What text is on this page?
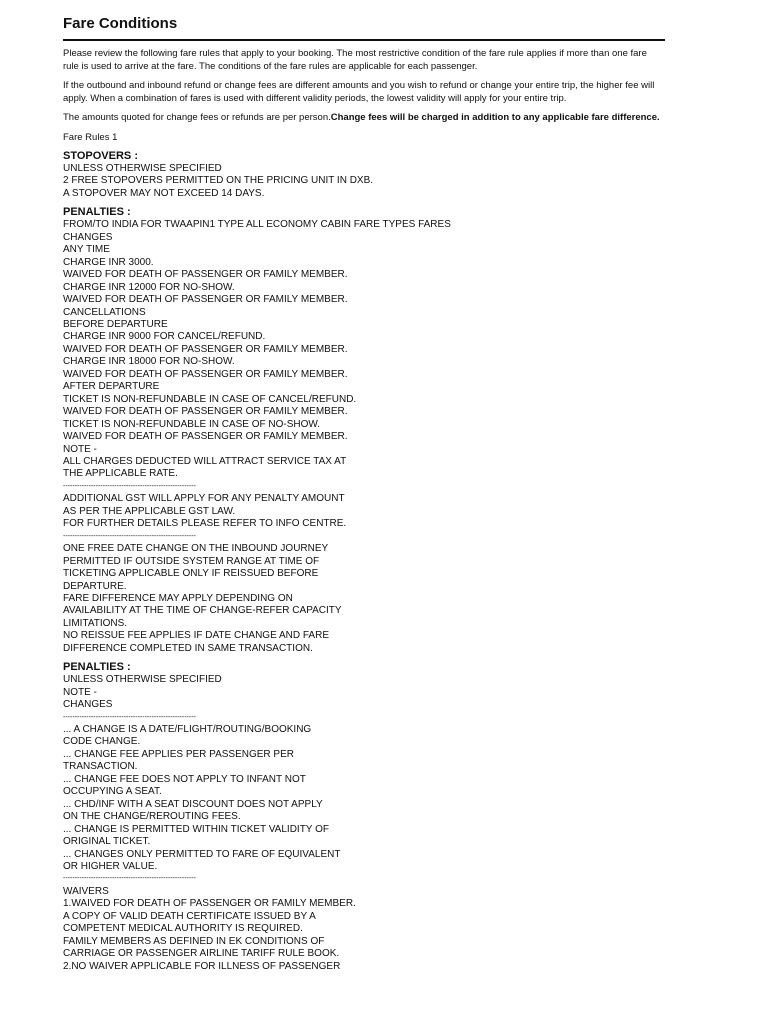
Fare Conditions

Please review the following fare rules that apply to your booking. The most restrictive condition of the fare rule applies if more than one fare rule is used to arrive at the fare. The conditions of the fare rules are applicable for each passenger.

If the outbound and inbound refund or change fees are different amounts and you wish to refund or change your entire trip, the higher fee will apply. When a combination of fares is used with different validity periods, the lowest validity will apply for your entire trip.

The amounts quoted for change fees or refunds are per person.Change fees will be charged in addition to any applicable fare difference.

Fare Rules 1

STOPOVERS :
UNLESS OTHERWISE SPECIFIED
2 FREE STOPOVERS PERMITTED ON THE PRICING UNIT IN DXB.
A STOPOVER MAY NOT EXCEED 14 DAYS.
PENALTIES :
FROM/TO INDIA FOR TWAAPIN1 TYPE ALL ECONOMY CABIN FARE TYPES FARES
CHANGES
ANY TIME
CHARGE INR 3000.
WAIVED FOR DEATH OF PASSENGER OR FAMILY MEMBER.
CHARGE INR 12000 FOR NO-SHOW.
WAIVED FOR DEATH OF PASSENGER OR FAMILY MEMBER.
CANCELLATIONS
BEFORE DEPARTURE
CHARGE INR 9000 FOR CANCEL/REFUND.
WAIVED FOR DEATH OF PASSENGER OR FAMILY MEMBER.
CHARGE INR 18000 FOR NO-SHOW.
WAIVED FOR DEATH OF PASSENGER OR FAMILY MEMBER.
AFTER DEPARTURE
TICKET IS NON-REFUNDABLE IN CASE OF CANCEL/REFUND.
WAIVED FOR DEATH OF PASSENGER OR FAMILY MEMBER.
TICKET IS NON-REFUNDABLE IN CASE OF NO-SHOW.
WAIVED FOR DEATH OF PASSENGER OR FAMILY MEMBER.
NOTE -
ALL CHARGES DEDUCTED WILL ATTRACT SERVICE TAX AT
THE APPLICABLE RATE.
---------------------------------------------------------
ADDITIONAL GST WILL APPLY FOR ANY PENALTY AMOUNT
AS PER THE APPLICABLE GST LAW.
FOR FURTHER DETAILS PLEASE REFER TO INFO CENTRE.
---------------------------------------------------------
ONE FREE DATE CHANGE ON THE INBOUND JOURNEY
PERMITTED IF OUTSIDE SYSTEM RANGE AT TIME OF
TICKETING APPLICABLE ONLY IF REISSUED BEFORE
DEPARTURE.
FARE DIFFERENCE MAY APPLY DEPENDING ON
AVAILABILITY AT THE TIME OF CHANGE-REFER CAPACITY
LIMITATIONS.
NO REISSUE FEE APPLIES IF DATE CHANGE AND FARE
DIFFERENCE COMPLETED IN SAME TRANSACTION.
PENALTIES :
UNLESS OTHERWISE SPECIFIED
NOTE -
CHANGES
---------------------------------------------------------
... A CHANGE IS A DATE/FLIGHT/ROUTING/BOOKING
CODE CHANGE.
... CHANGE FEE APPLIES PER PASSENGER PER
TRANSACTION.
... CHANGE FEE DOES NOT APPLY TO INFANT NOT
OCCUPYING A SEAT.
... CHD/INF WITH A SEAT DISCOUNT DOES NOT APPLY
ON THE CHANGE/REROUTING FEES.
... CHANGE IS PERMITTED WITHIN TICKET VALIDITY OF
ORIGINAL TICKET.
... CHANGES ONLY PERMITTED TO FARE OF EQUIVALENT
OR HIGHER VALUE.
---------------------------------------------------------
WAIVERS
1.WAIVED FOR DEATH OF PASSENGER OR FAMILY MEMBER.
A COPY OF VALID DEATH CERTIFICATE ISSUED BY A
COMPETENT MEDICAL AUTHORITY IS REQUIRED.
FAMILY MEMBERS AS DEFINED IN EK CONDITIONS OF
CARRIAGE OR PASSENGER AIRLINE TARIFF RULE BOOK.
2.NO WAIVER APPLICABLE FOR ILLNESS OF PASSENGER
